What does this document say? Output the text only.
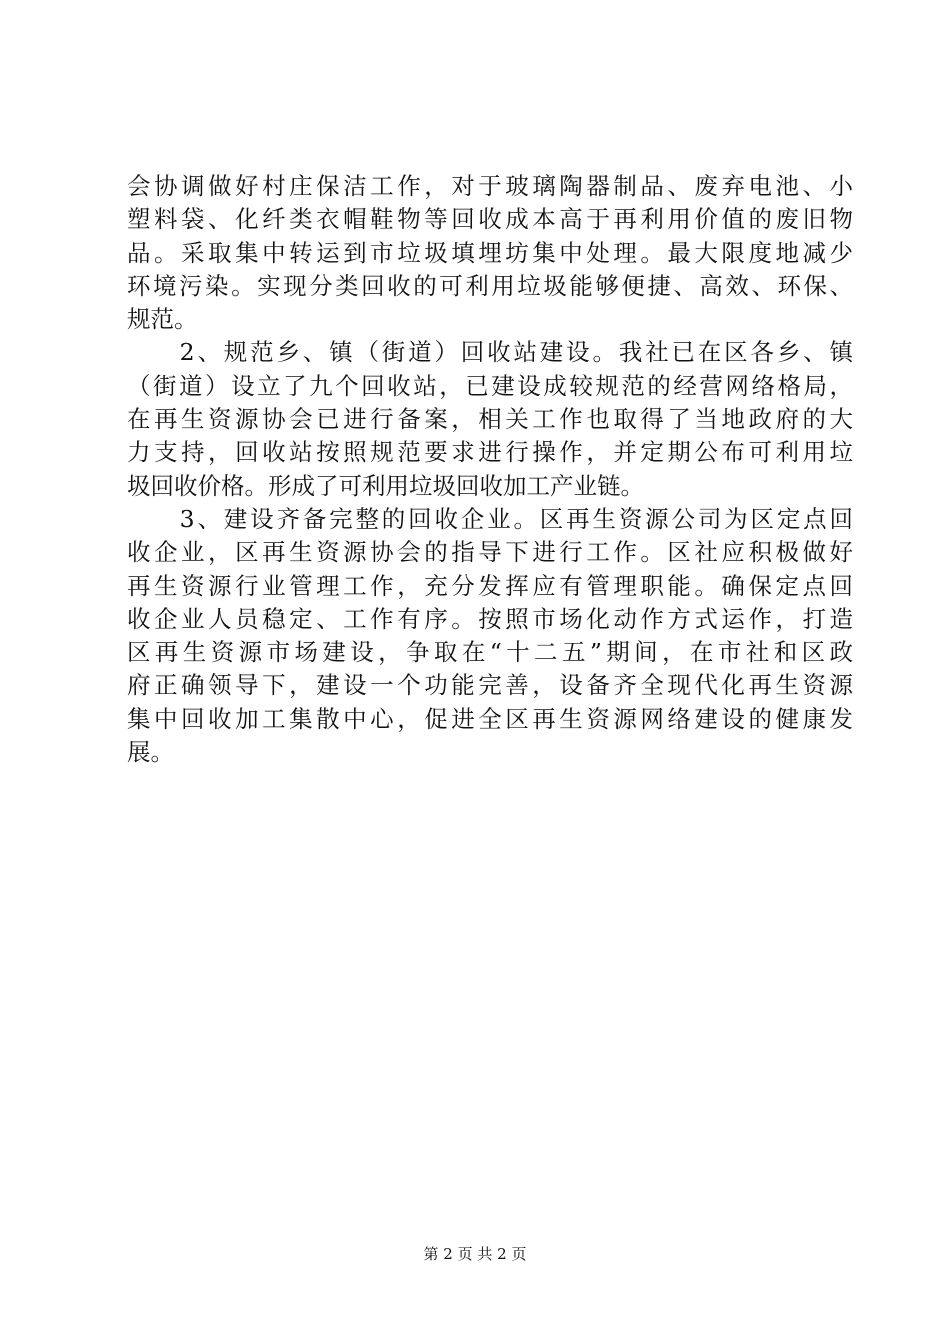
会协调做好村庄保洁工作，对于玻璃陶器制品、废弃电池、小
塑料袋、化纤类衣帽鞋物等回收成本高于再利用价值的废旧物
品。采取集中转运到市垃圾填埋坊集中处理。最大限度地减少
环境污染。实现分类回收的可利用垃圾能够便捷、高效、环保、
规范。
　　2、规范乡、镇（街道）回收站建设。我社已在区各乡、镇
（街道）设立了九个回收站，已建设成较规范的经营网络格局，
在再生资源协会已进行备案，相关工作也取得了当地政府的大
力支持，回收站按照规范要求进行操作，并定期公布可利用垃
圾回收价格。形成了可利用垃圾回收加工产业链。
　　3、建设齐备完整的回收企业。区再生资源公司为区定点回
收企业，区再生资源协会的指导下进行工作。区社应积极做好
再生资源行业管理工作，充分发挥应有管理职能。确保定点回
收企业人员稳定、工作有序。按照市场化动作方式运作，打造
区再生资源市场建设，争取在“十二五”期间，在市社和区政
府正确领导下，建设一个功能完善，设备齐全现代化再生资源
集中回收加工集散中心，促进全区再生资源网络建设的健康发
展。
第 2 页 共 2 页
